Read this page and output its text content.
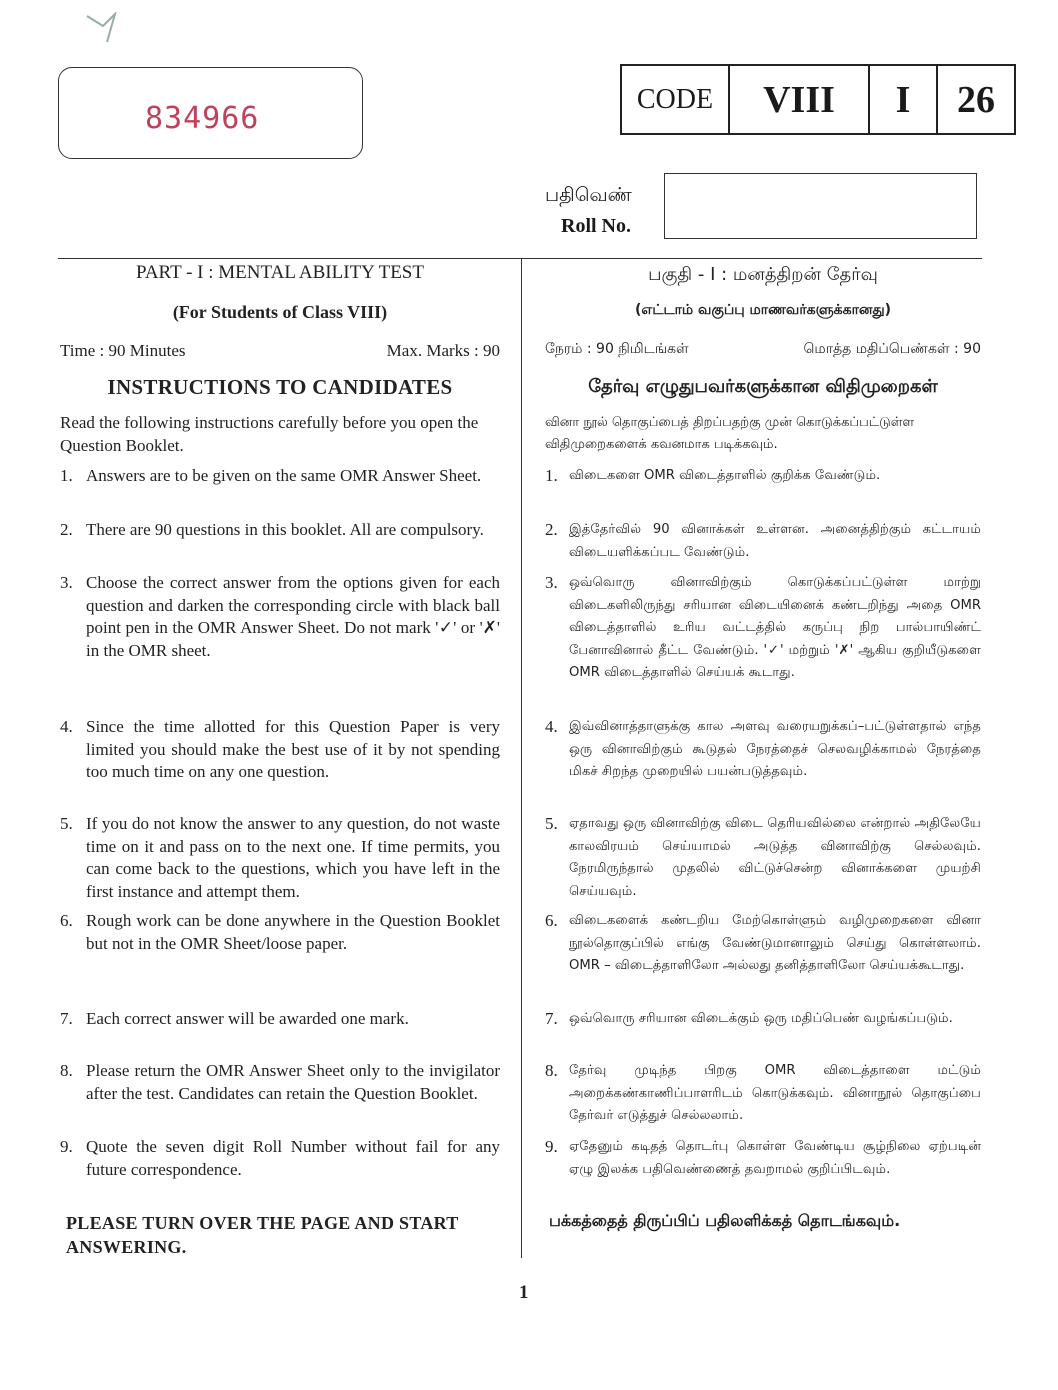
834966
CODE	VIII	I	26
பதிவெண்
Roll No.
PART - I : MENTAL ABILITY TEST
(For Students of Class VIII)
Time : 90 Minutes	Max. Marks : 90
INSTRUCTIONS TO CANDIDATES
Read the following instructions carefully before you open the Question Booklet.
1. Answers are to be given on the same OMR Answer Sheet.
2. There are 90 questions in this booklet. All are compulsory.
3. Choose the correct answer from the options given for each question and darken the corresponding circle with black ball point pen in the OMR Answer Sheet. Do not mark '✓' or '✗' in the OMR sheet.
4. Since the time allotted for this Question Paper is very limited you should make the best use of it by not spending too much time on any one question.
5. If you do not know the answer to any question, do not waste time on it and pass on to the next one. If time permits, you can come back to the questions, which you have left in the first instance and attempt them.
6. Rough work can be done anywhere in the Question Booklet but not in the OMR Sheet/loose paper.
7. Each correct answer will be awarded one mark.
8. Please return the OMR Answer Sheet only to the invigilator after the test. Candidates can retain the Question Booklet.
9. Quote the seven digit Roll Number without fail for any future correspondence.
PLEASE TURN OVER THE PAGE AND START ANSWERING.
பகுதி - I : மனத்திறன் தேர்வு
(எட்டாம் வகுப்பு மாணவர்களுக்கானது)
நேரம் : 90 நிமிடங்கள்	மொத்த மதிப்பெண்கள் : 90
தேர்வு எழுதுபவர்களுக்கான விதிமுறைகள்
வினா நூல் தொகுப்பைத் திறப்பதற்கு முன் கொடுக்கப்பட்டுள்ள விதிமுறைகளைக் கவனமாக படிக்கவும்.
1. விடைகளை OMR விடைத்தாளில் குறிக்க வேண்டும்.
2. இத்தேர்வில் 90 வினாக்கள் உள்ளன. அனைத்திற்கும் கட்டாயம் விடையளிக்கப்பட வேண்டும்.
3. ஒவ்வொரு வினாவிற்கும் கொடுக்கப்பட்டுள்ள மாற்று விடைகளிலிருந்து சரியான விடையினைக் கண்டறிந்து அதை OMR விடைத்தாளில் உரிய வட்டத்தில் கருப்பு நிற பால்பாயிண்ட் பேனாவினால் தீட்ட வேண்டும். '✓' மற்றும் '✗' ஆகிய குறியீடுகளை OMR விடைத்தாளில் செய்யக் கூடாது.
4. இவ்வினாத்தாளுக்கு கால அளவு வரையறுக்கப்–பட்டுள்ளதால் எந்த ஒரு வினாவிற்கும் கூடுதல் நேரத்தைச் செலவழிக்காமல் நேரத்தை மிகச் சிறந்த முறையில் பயன்படுத்தவும்.
5. ஏதாவது ஒரு வினாவிற்கு விடை தெரியவில்லை என்றால் அதிலேயே காலவிரயம் செய்யாமல் அடுத்த வினாவிற்கு செல்லவும். நேரமிருந்தால் முதலில் விட்டுச்சென்ற வினாக்களை முயற்சி செய்யவும்.
6. விடைகளைக் கண்டறிய மேற்கொள்ளும் வழிமுறைகளை வினா நூல்தொகுப்பில் எங்கு வேண்டுமானாலும் செய்து கொள்ளலாம். OMR – விடைத்தாளிலோ அல்லது தனித்தாளிலோ செய்யக்கூடாது.
7. ஒவ்வொரு சரியான விடைக்கும் ஒரு மதிப்பெண் வழங்கப்படும்.
8. தேர்வு முடிந்த பிறகு OMR விடைத்தாளை மட்டும் அறைக்கண்காணிப்பாளரிடம் கொடுக்கவும். வினாநூல் தொகுப்பை தேர்வர் எடுத்துச் செல்லலாம்.
9. ஏதேனும் கடிதத் தொடர்பு கொள்ள வேண்டிய சூழ்நிலை ஏற்படின் ஏழு இலக்க பதிவெண்ணைத் தவறாமல் குறிப்பிடவும்.
பக்கத்தைத் திருப்பிப் பதிலளிக்கத் தொடங்கவும்.
1
